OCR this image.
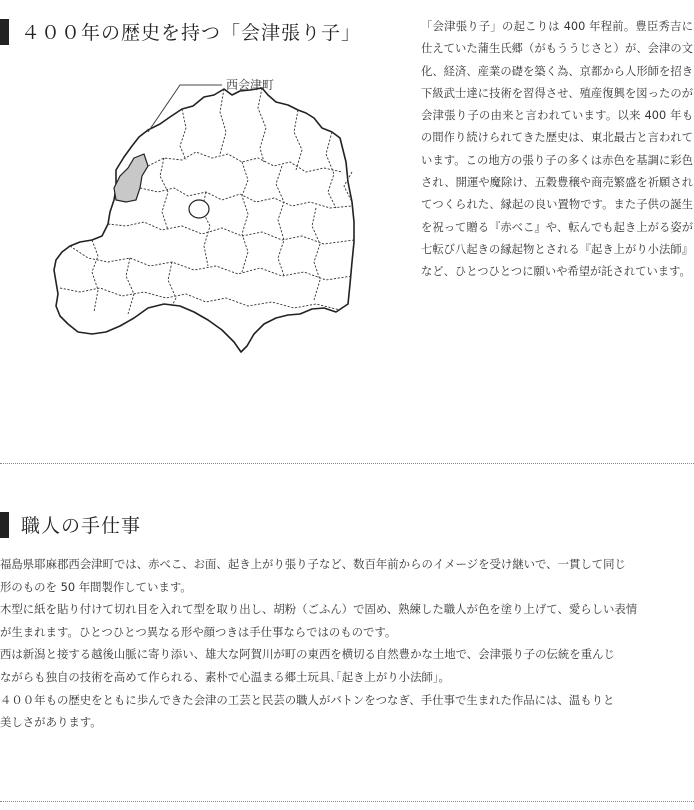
４００年の歴史を持つ「会津張り子」
西会津町

「会津張り子」の起こりは 400 年程前。豊臣秀吉に仕えていた蒲生氏郷（がもううじさと）が、会津の文化、経済、産業の礎を築く為、京都から人形師を招き下級武士達に技術を習得させ、殖産復興を図ったのが会津張り子の由来と言われています。以来 400 年もの間作り続けられてきた歴史は、東北最古と言われています。この地方の張り子の多くは赤色を基調に彩色され、開運や魔除け、五穀豊穣や商売繁盛を祈願されてつくられた、縁起の良い置物です。また子供の誕生を祝って贈る『赤べこ』や、転んでも起き上がる姿が七転び八起きの縁起物とされる『起き上がり小法師』など、ひとつひとつに願いや希望が託されています。

職人の手仕事

福島県耶麻郡西会津町では、赤べこ、お面、起き上がり張り子など、数百年前からのイメージを受け継いで、一貫して同じ
形のものを 50 年間製作しています。

木型に紙を貼り付けて切れ目を入れて型を取り出し、胡粉（ごふん）で固め、熟練した職人が色を塗り上げて、愛らしい表情
が生まれます。ひとつひとつ異なる形や顔つきは手仕事ならではのものです。

西は新潟と接する越後山脈に寄り添い、雄大な阿賀川が町の東西を横切る自然豊かな土地で、会津張り子の伝統を重んじ
ながらも独自の技術を高めて作られる、素朴で心温まる郷土玩具､｢起き上がり小法師｣。

４００年もの歴史をともに歩んできた会津の工芸と民芸の職人がバトンをつなぎ、手仕事で生まれた作品には、温もりと
美しさがあります。
